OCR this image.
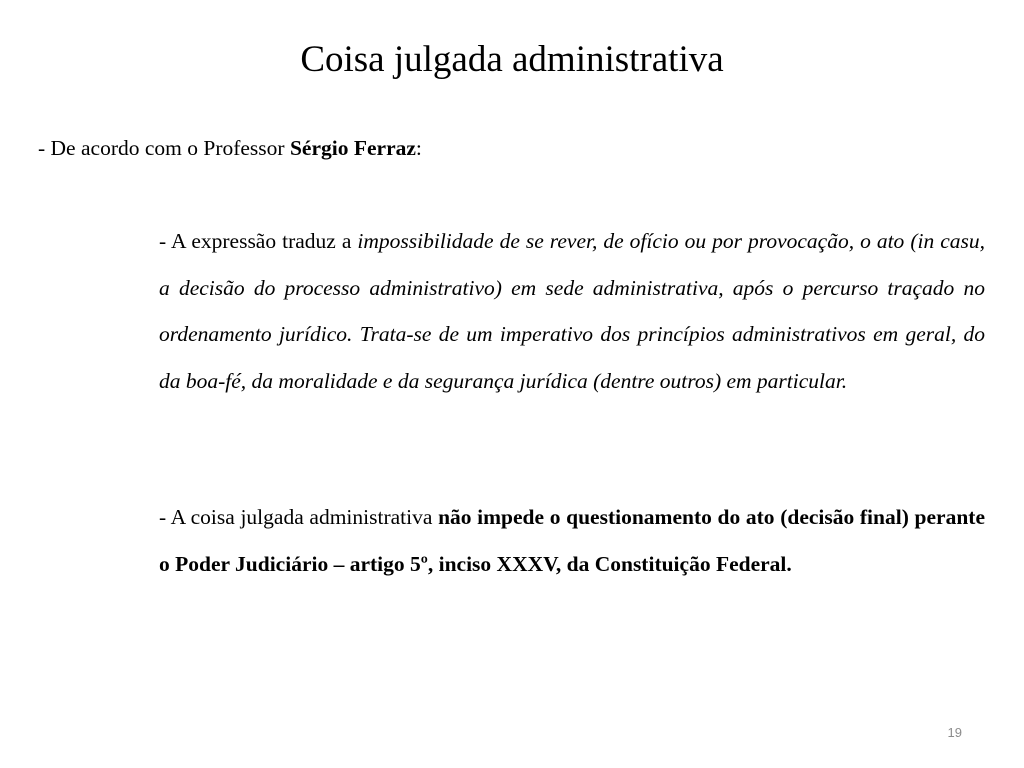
Coisa julgada administrativa
- De acordo com o Professor Sérgio Ferraz:
- A expressão traduz a impossibilidade de se rever, de ofício ou por provocação, o ato (in casu, a decisão do processo administrativo) em sede administrativa, após o percurso traçado no ordenamento jurídico. Trata-se de um imperativo dos princípios administrativos em geral, do da boa-fé, da moralidade e da segurança jurídica (dentre outros) em particular.
- A coisa julgada administrativa não impede o questionamento do ato (decisão final) perante o Poder Judiciário – artigo 5º, inciso XXXV, da Constituição Federal.
19
